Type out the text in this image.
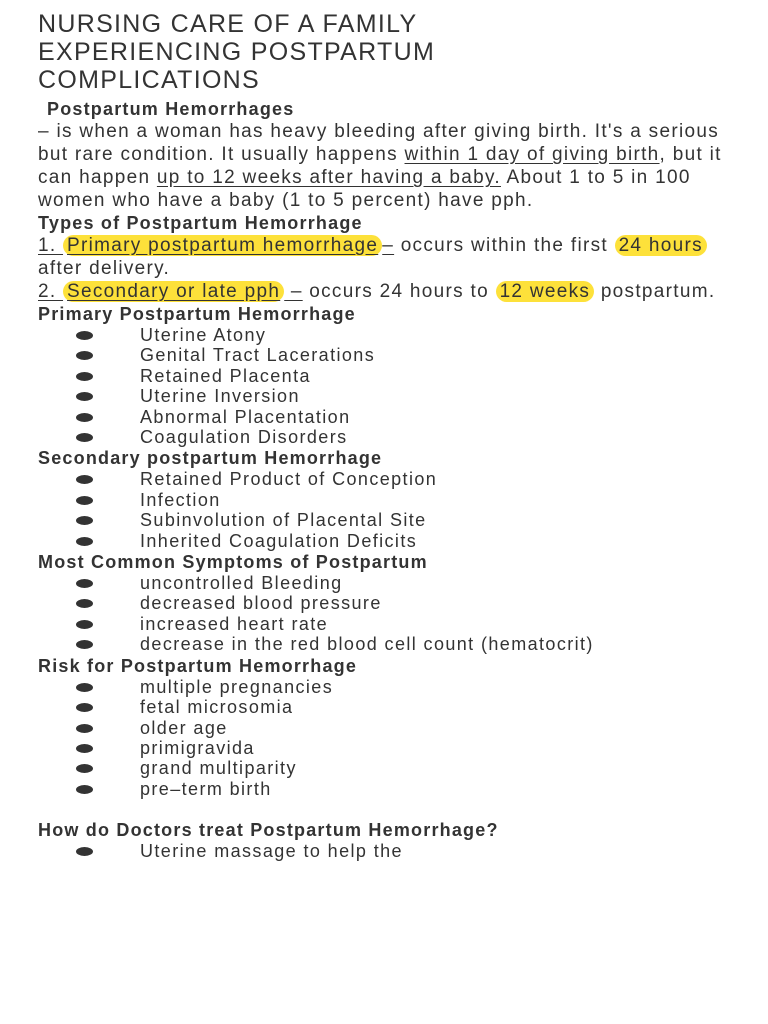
NURSING CARE OF A FAMILY
EXPERIENCING POSTPARTUM
COMPLICATIONS
Postpartum Hemorrhages
– is when a woman has heavy bleeding after giving birth. It's a serious but rare condition. It usually happens within 1 day of giving birth, but it can happen up to 12 weeks after having a baby. About 1 to 5 in 100 women who have a baby (1 to 5 percent) have pph.
Types of Postpartum Hemorrhage
1. Primary postpartum hemorrhage – occurs within the first 24 hours after delivery.
2. Secondary or late pph – occurs 24 hours to 12 weeks postpartum.
Primary Postpartum Hemorrhage
Uterine Atony
Genital Tract Lacerations
Retained Placenta
Uterine Inversion
Abnormal Placentation
Coagulation Disorders
Secondary postpartum Hemorrhage
Retained Product of Conception
Infection
Subinvolution of Placental Site
Inherited Coagulation Deficits
Most Common Symptoms of Postpartum
uncontrolled Bleeding
decreased blood pressure
increased heart rate
decrease in the red blood cell count (hematocrit)
Risk for Postpartum Hemorrhage
multiple pregnancies
fetal microsomia
older age
primigravida
grand multiparity
pre–term birth
How do Doctors treat Postpartum Hemorrhage?
Uterine massage to help the
